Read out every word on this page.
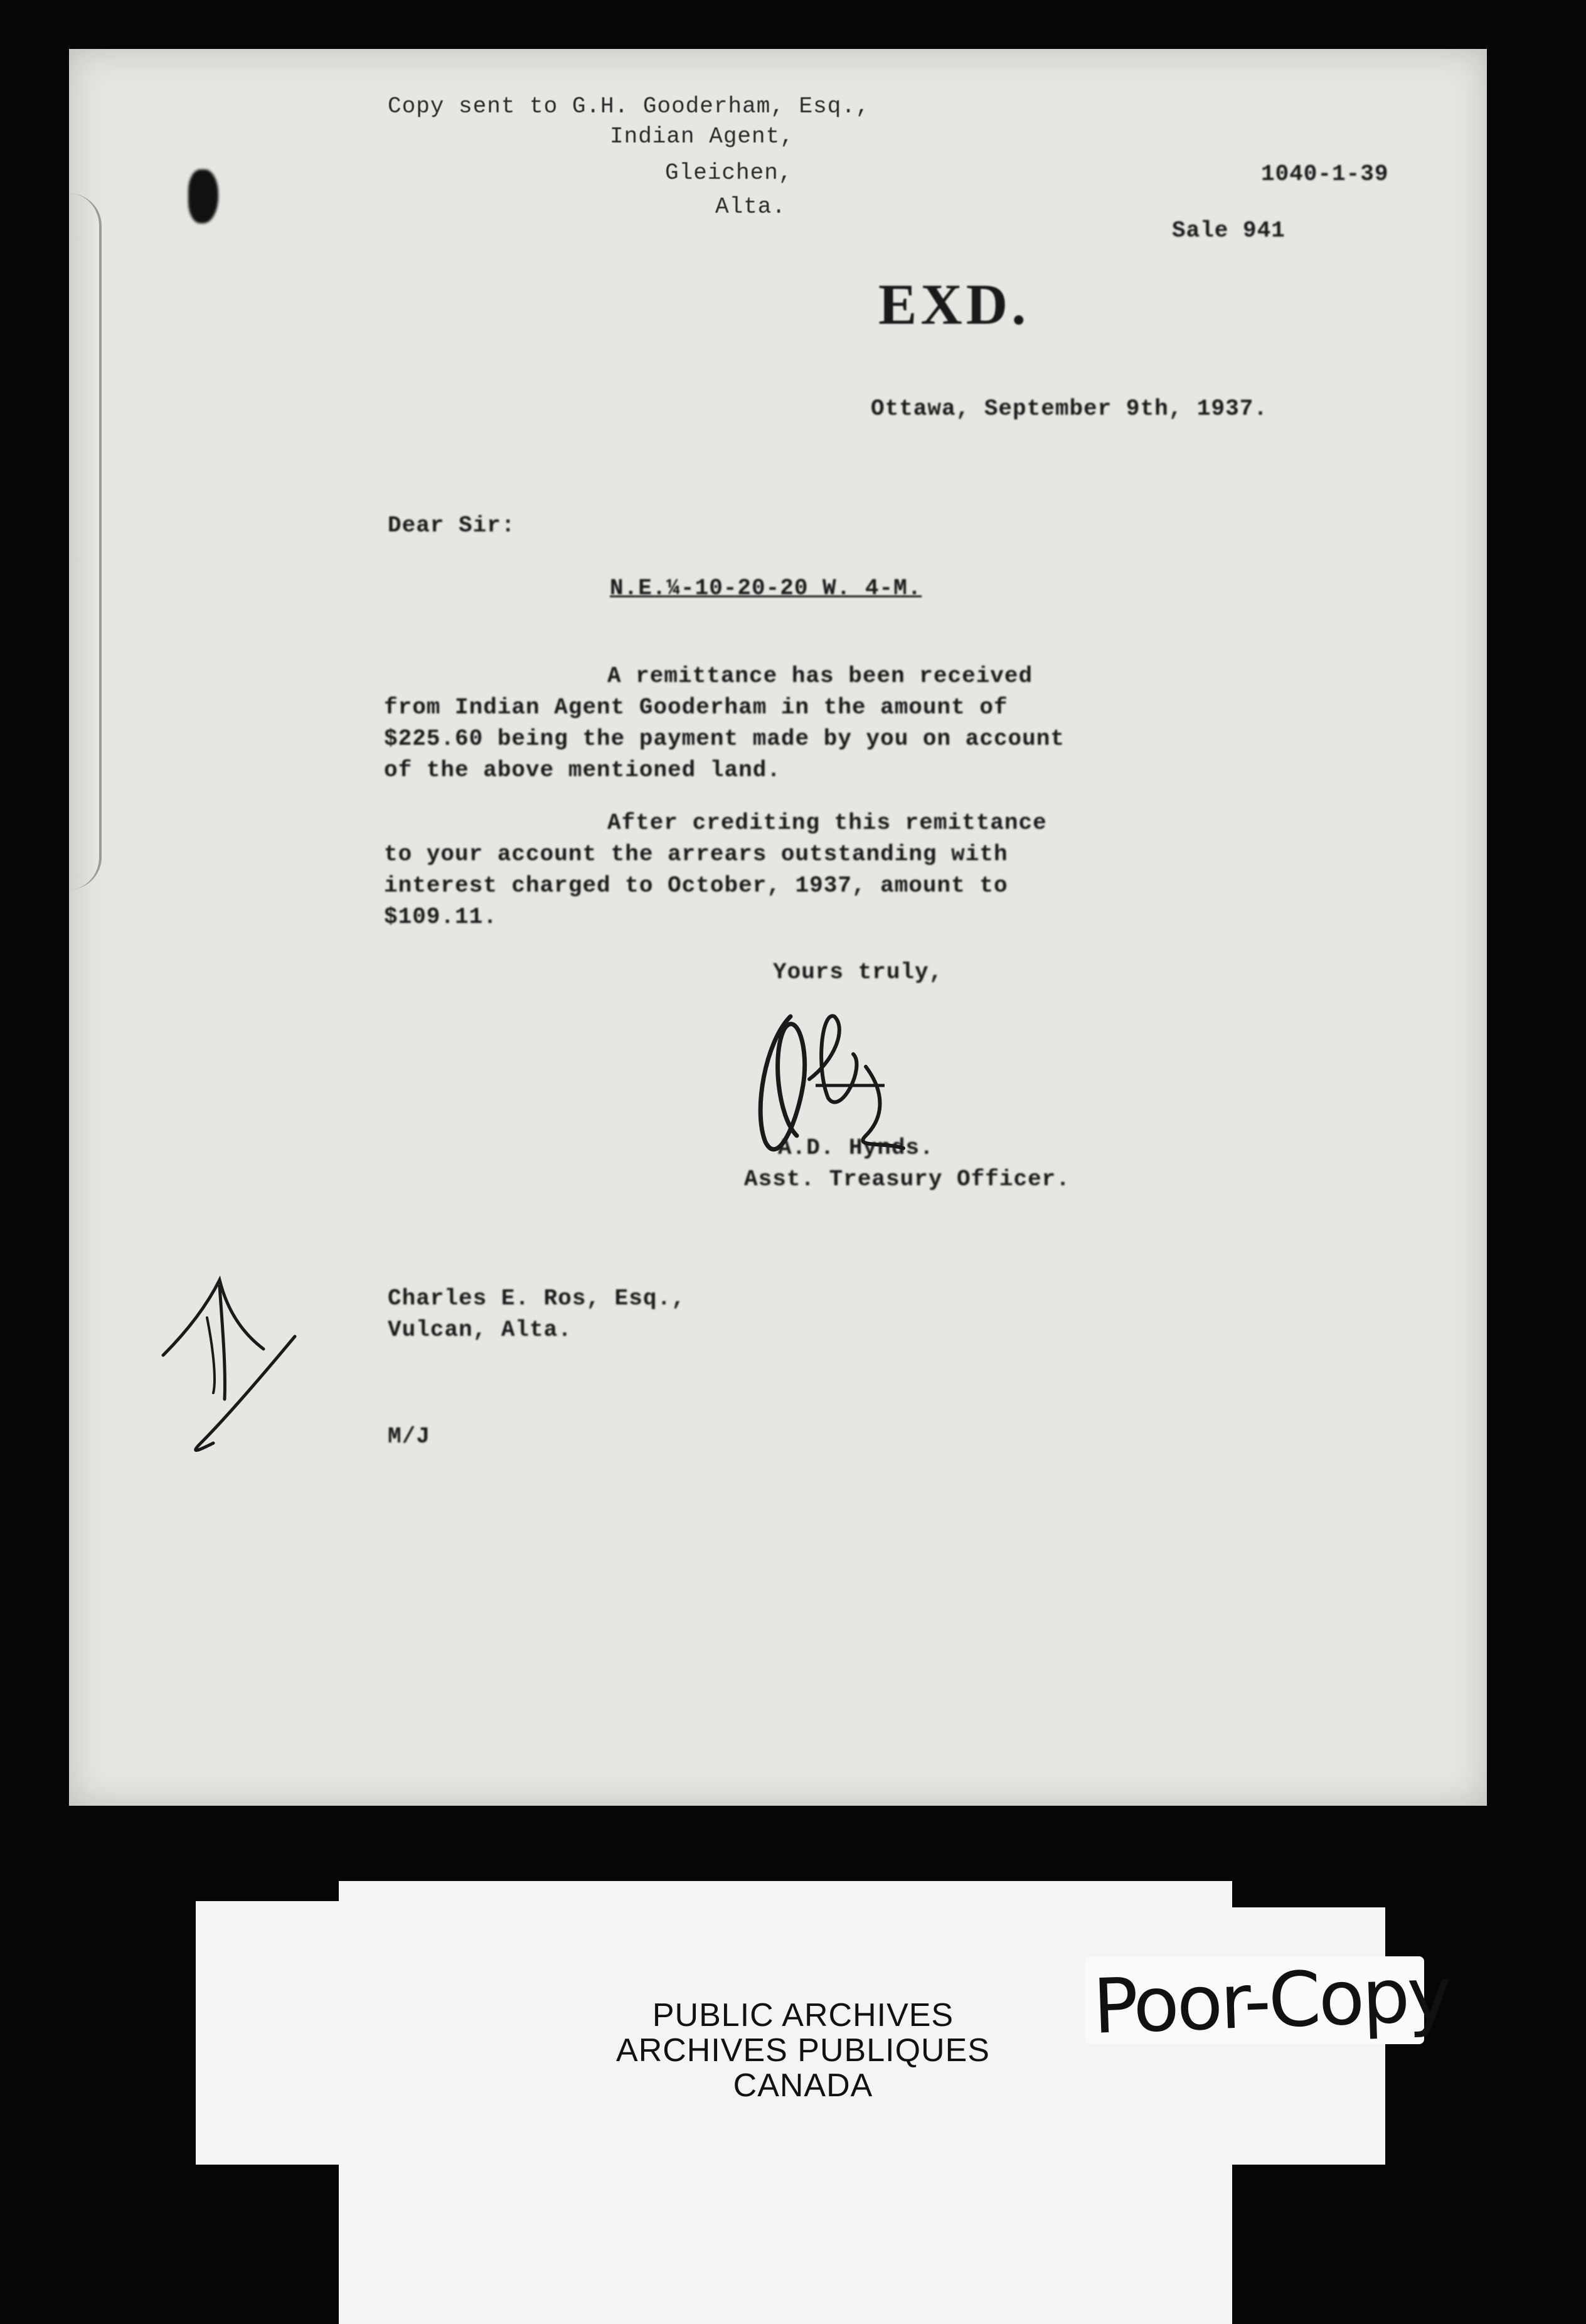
Copy sent to G.H. Gooderham, Esq.,
Indian Agent,
Gleichen,
Alta.
1040-1-39
Sale 941
EXD.
Ottawa, September 9th, 1937.
Dear Sir:
N.E.¼-10-20-20 W. 4-M.
A remittance has been received
from Indian Agent Gooderham in the amount of
$225.60 being the payment made by you on account
of the above mentioned land.
After crediting this remittance
to your account the arrears outstanding with
interest charged to October, 1937, amount to
$109.11.
Yours truly,
A.D. Hynds.
Asst. Treasury Officer.
Charles E. Ros, Esq.,
Vulcan, Alta.
M/J
PUBLIC ARCHIVES
ARCHIVES PUBLIQUES
CANADA
Poor-Copy
